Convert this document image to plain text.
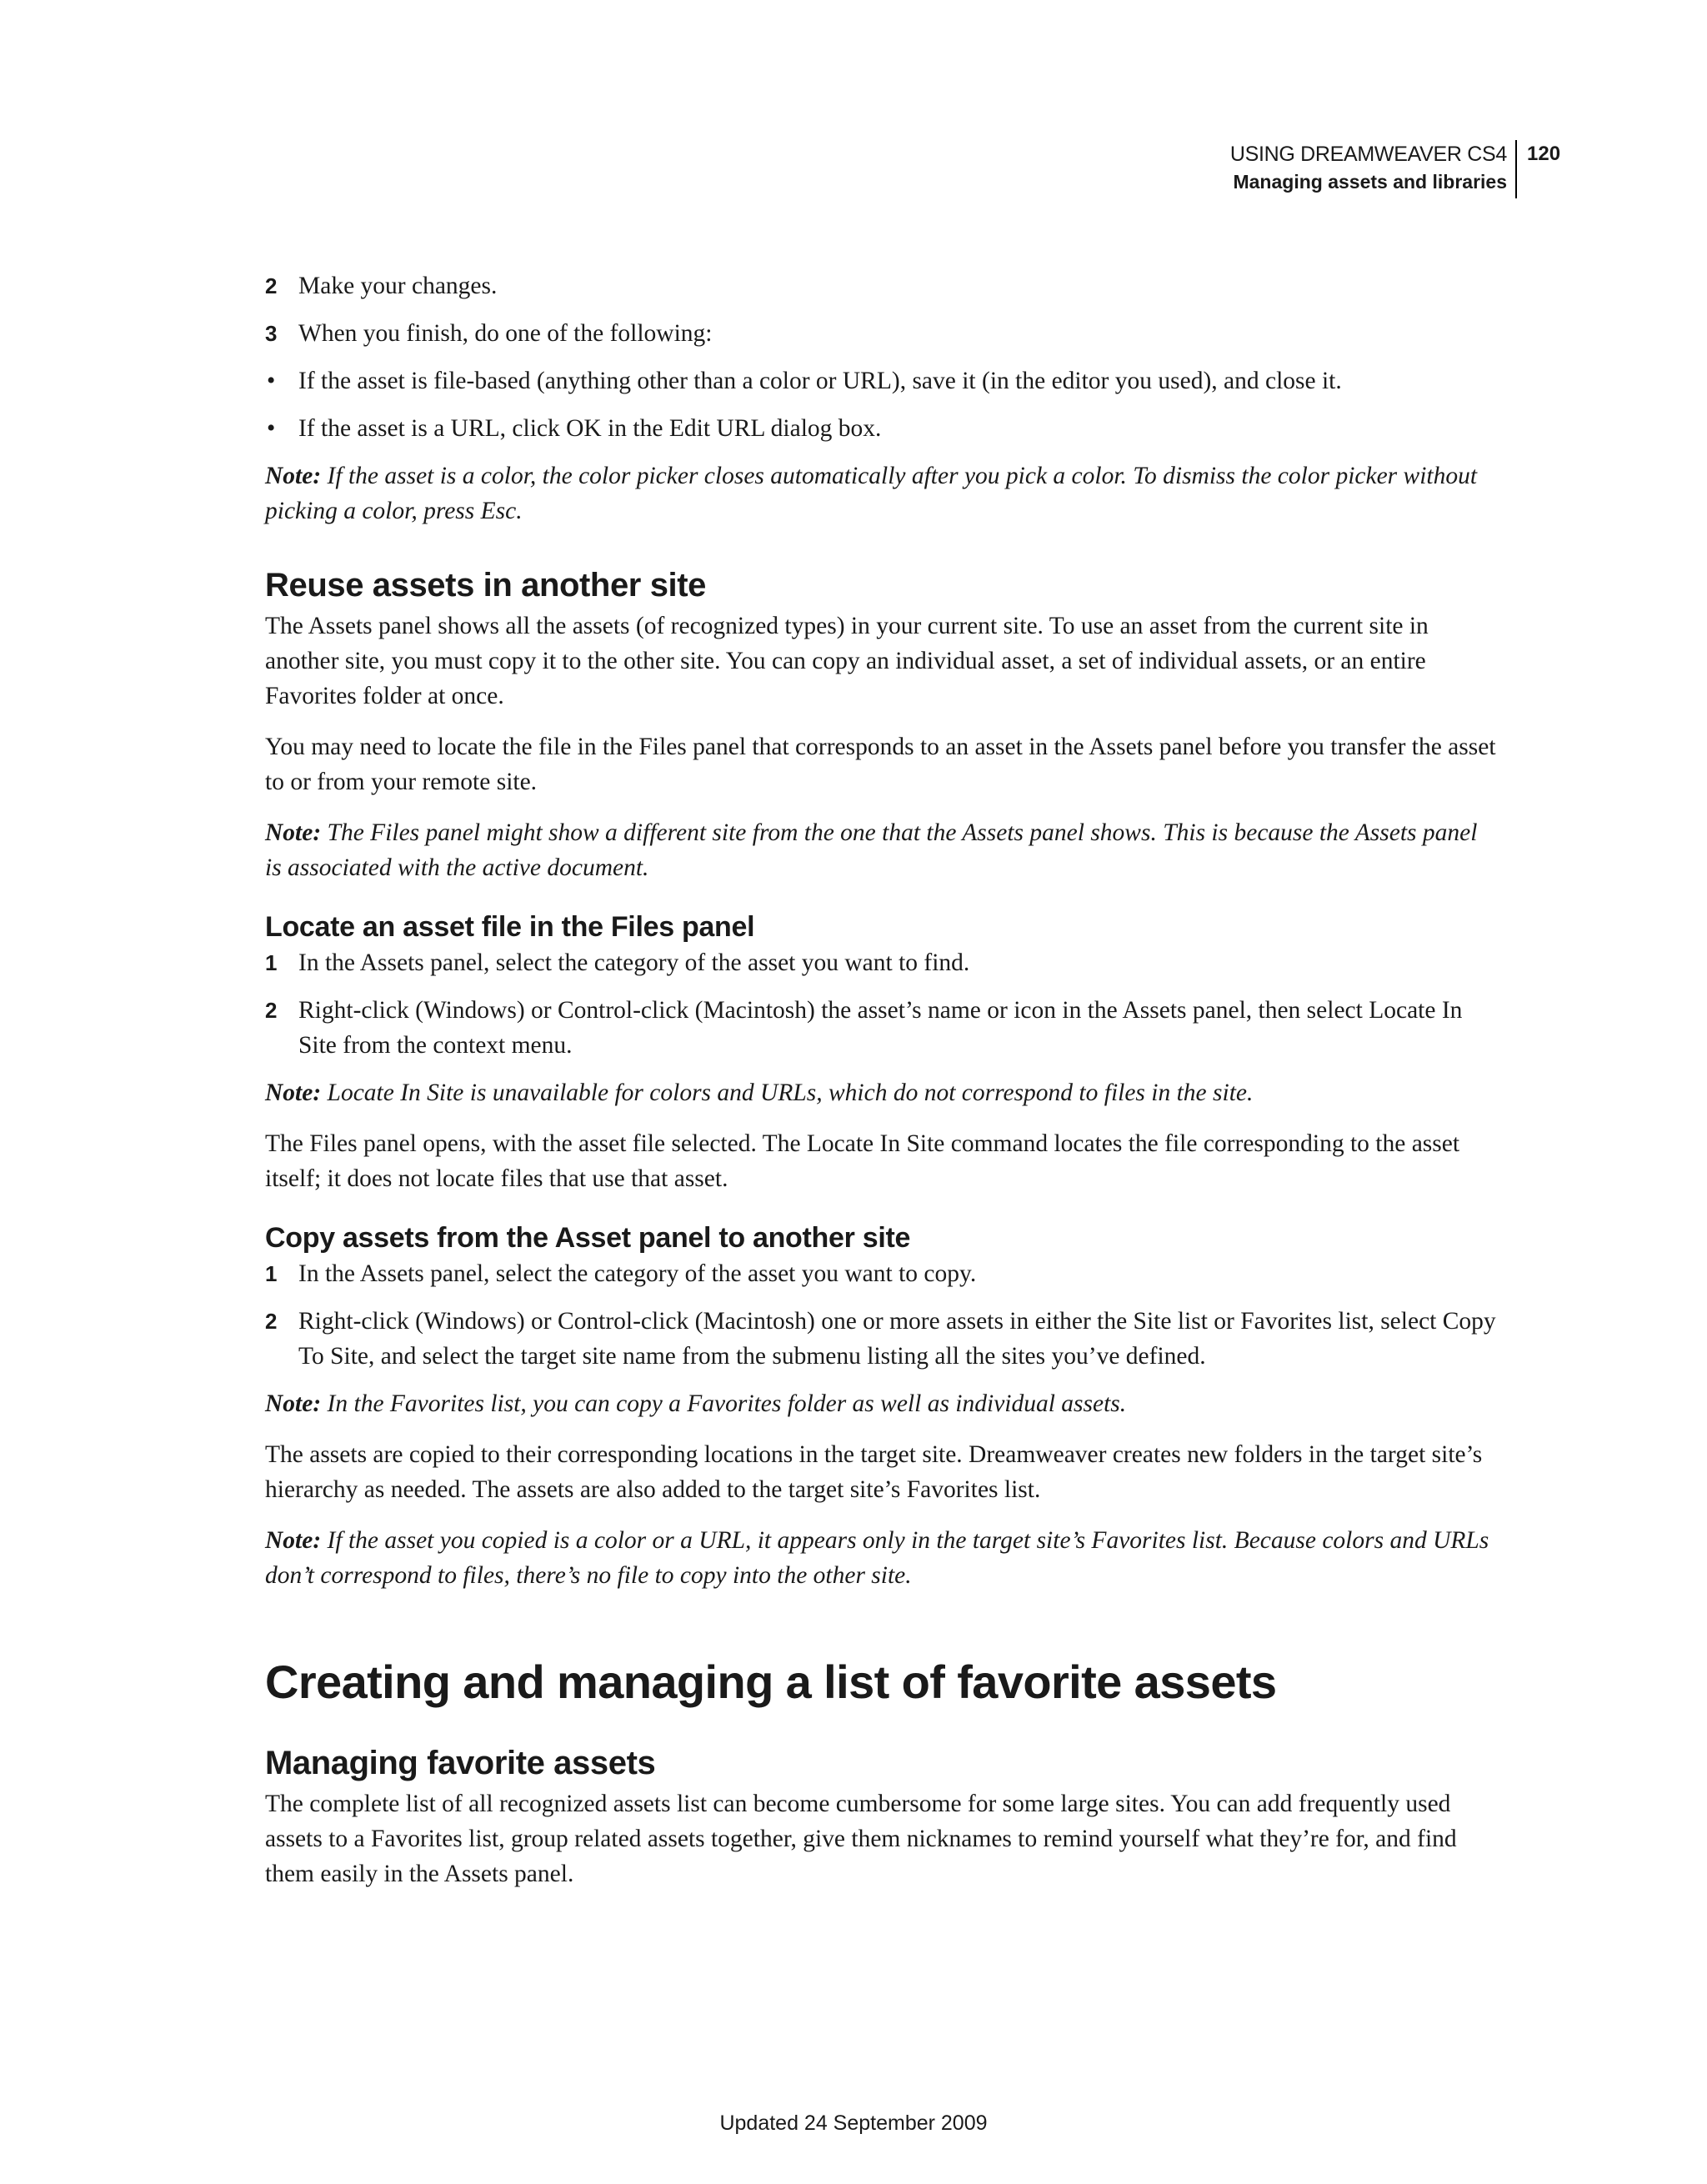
USING DREAMWEAVER CS4
Managing assets and libraries
120
2 Make your changes.
3 When you finish, do one of the following:
• If the asset is file-based (anything other than a color or URL), save it (in the editor you used), and close it.
• If the asset is a URL, click OK in the Edit URL dialog box.

Note: If the asset is a color, the color picker closes automatically after you pick a color. To dismiss the color picker without picking a color, press Esc.

Reuse assets in another site

The Assets panel shows all the assets (of recognized types) in your current site. To use an asset from the current site in another site, you must copy it to the other site. You can copy an individual asset, a set of individual assets, or an entire Favorites folder at once.

You may need to locate the file in the Files panel that corresponds to an asset in the Assets panel before you transfer the asset to or from your remote site.

Note: The Files panel might show a different site from the one that the Assets panel shows. This is because the Assets panel is associated with the active document.

Locate an asset file in the Files panel
1 In the Assets panel, select the category of the asset you want to find.
2 Right-click (Windows) or Control-click (Macintosh) the asset’s name or icon in the Assets panel, then select Locate In Site from the context menu.

Note: Locate In Site is unavailable for colors and URLs, which do not correspond to files in the site.

The Files panel opens, with the asset file selected. The Locate In Site command locates the file corresponding to the asset itself; it does not locate files that use that asset.

Copy assets from the Asset panel to another site
1 In the Assets panel, select the category of the asset you want to copy.
2 Right-click (Windows) or Control-click (Macintosh) one or more assets in either the Site list or Favorites list, select Copy To Site, and select the target site name from the submenu listing all the sites you’ve defined.

Note: In the Favorites list, you can copy a Favorites folder as well as individual assets.

The assets are copied to their corresponding locations in the target site. Dreamweaver creates new folders in the target site’s hierarchy as needed. The assets are also added to the target site’s Favorites list.

Note: If the asset you copied is a color or a URL, it appears only in the target site’s Favorites list. Because colors and URLs don’t correspond to files, there’s no file to copy into the other site.

Creating and managing a list of favorite assets
Managing favorite assets

The complete list of all recognized assets list can become cumbersome for some large sites. You can add frequently used assets to a Favorites list, group related assets together, give them nicknames to remind yourself what they’re for, and find them easily in the Assets panel.

Updated 24 September 2009
